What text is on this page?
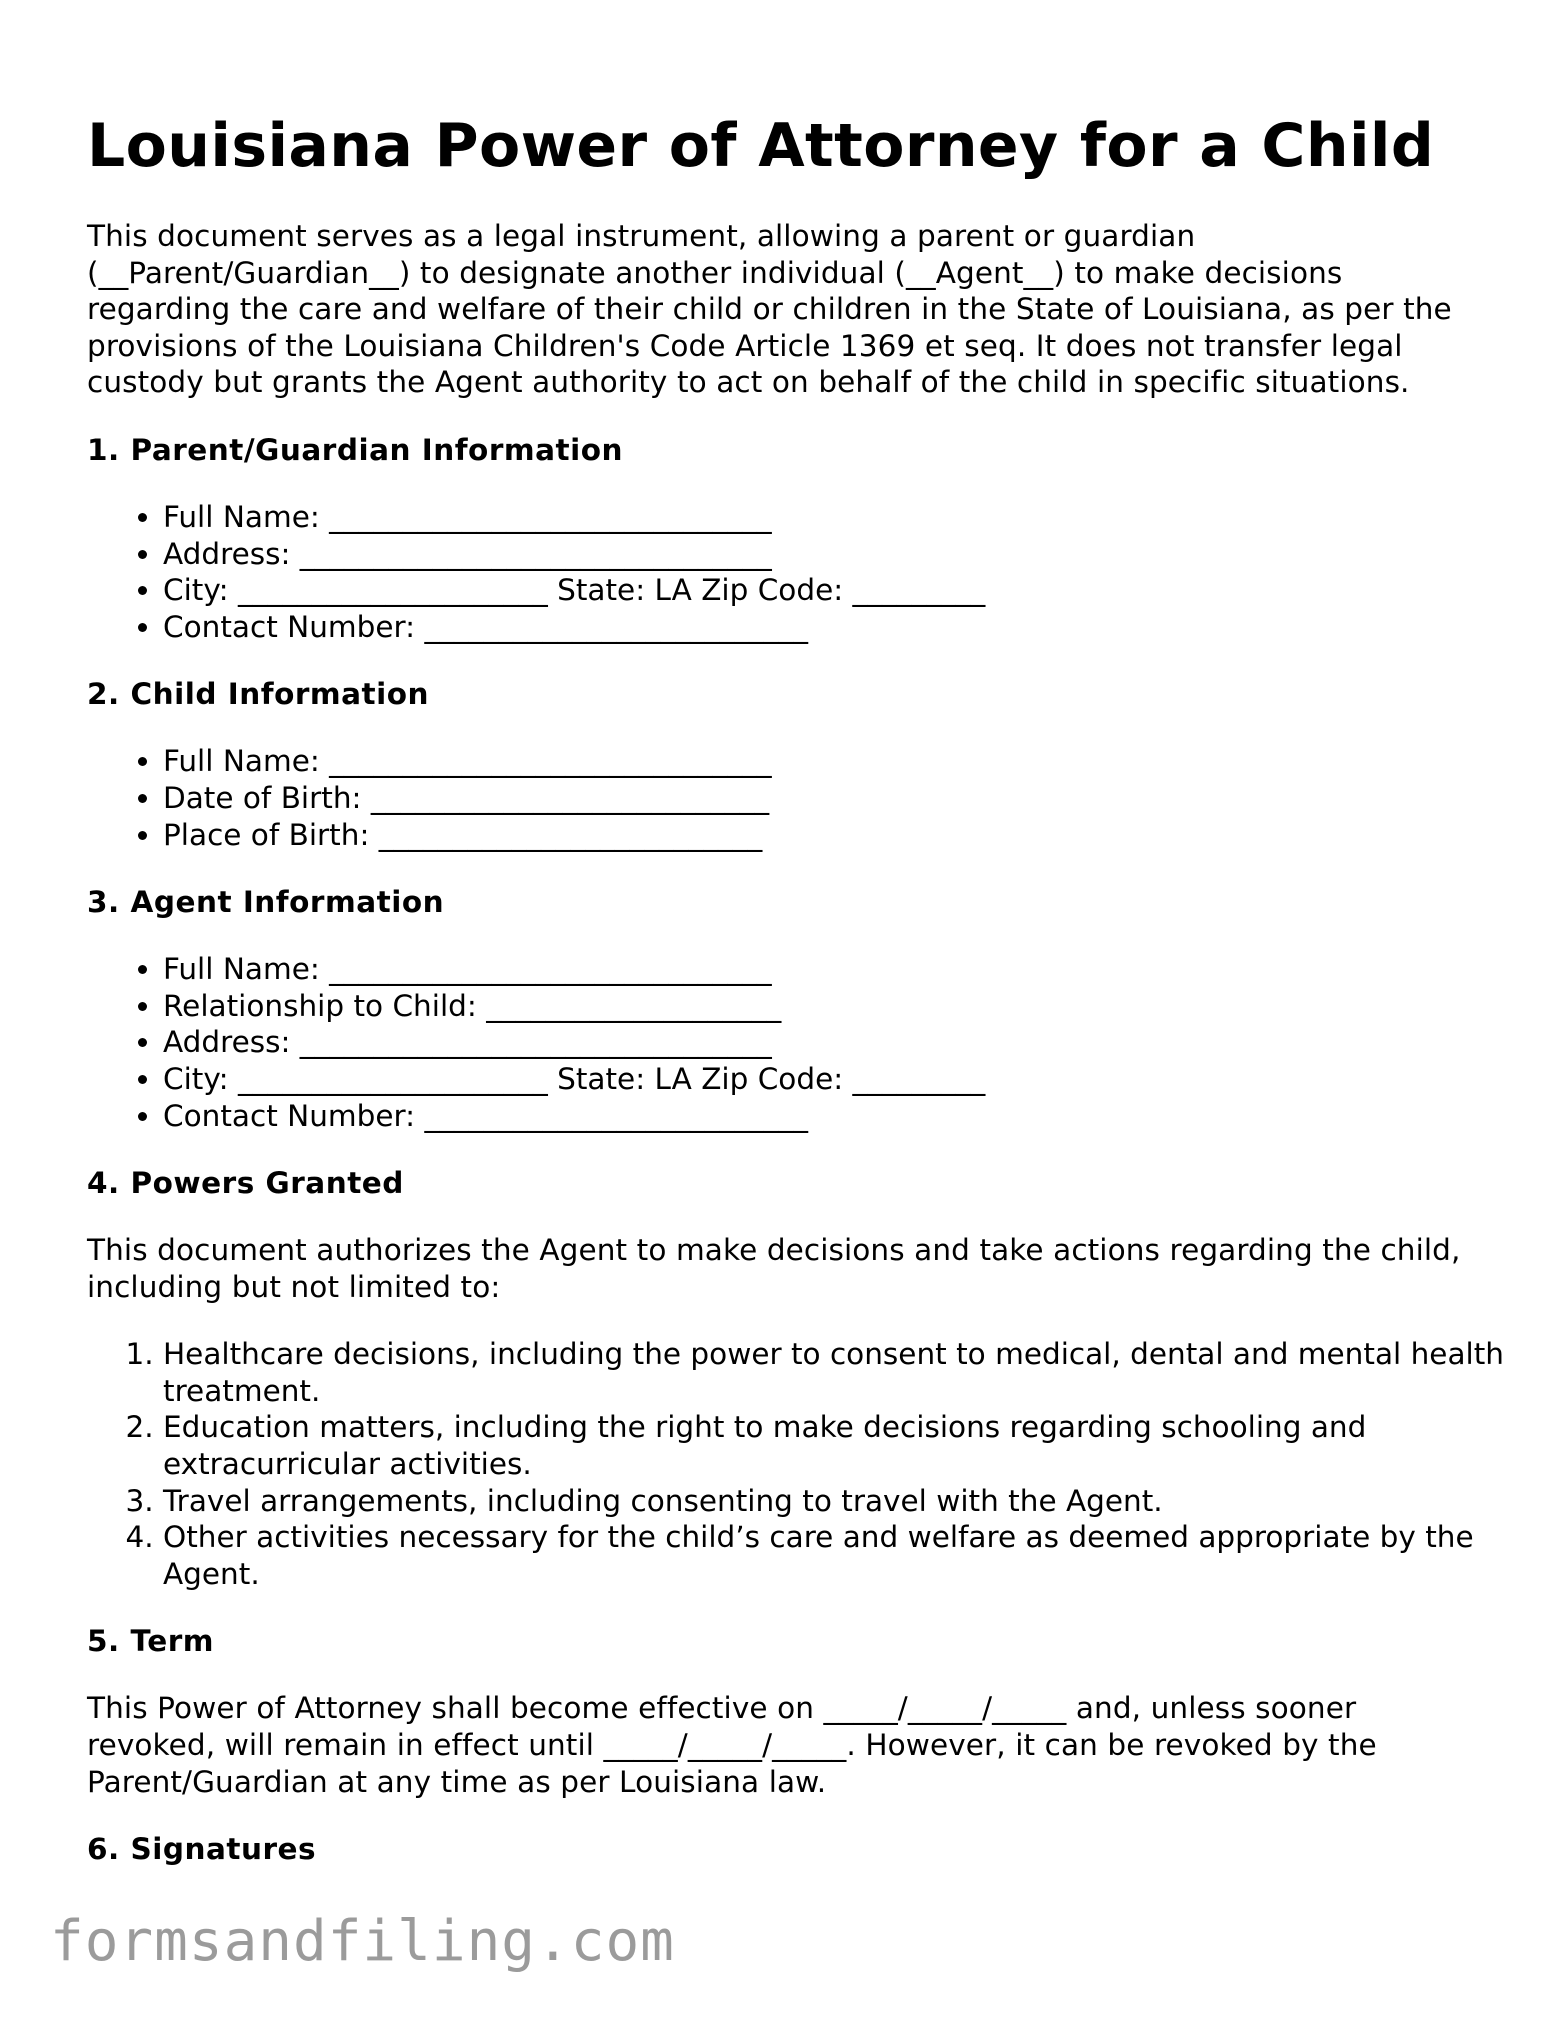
Louisiana Power of Attorney for a Child

This document serves as a legal instrument, allowing a parent or guardian (__Parent/Guardian__) to designate another individual (__Agent__) to make decisions regarding the care and welfare of their child or children in the State of Louisiana, as per the provisions of the Louisiana Children's Code Article 1369 et seq. It does not transfer legal custody but grants the Agent authority to act on behalf of the child in specific situations.

1. Parent/Guardian Information
• Full Name: ______________________________
• Address: ________________________________
• City: _____________________ State: LA Zip Code: _________
• Contact Number: __________________________
2. Child Information
• Full Name: ______________________________
• Date of Birth: ___________________________
• Place of Birth: __________________________
3. Agent Information
• Full Name: ______________________________
• Relationship to Child: ____________________
• Address: ________________________________
• City: _____________________ State: LA Zip Code: _________
• Contact Number: __________________________
4. Powers Granted

This document authorizes the Agent to make decisions and take actions regarding the child, including but not limited to:

1. Healthcare decisions, including the power to consent to medical, dental and mental health treatment.
2. Education matters, including the right to make decisions regarding schooling and extracurricular activities.
3. Travel arrangements, including consenting to travel with the Agent.
4. Other activities necessary for the child’s care and welfare as deemed appropriate by the Agent.
5. Term

This Power of Attorney shall become effective on _____/_____/_____ and, unless sooner revoked, will remain in effect until _____/_____/_____. However, it can be revoked by the Parent/Guardian at any time as per Louisiana law.

6. Signatures
formsandfiling.com
